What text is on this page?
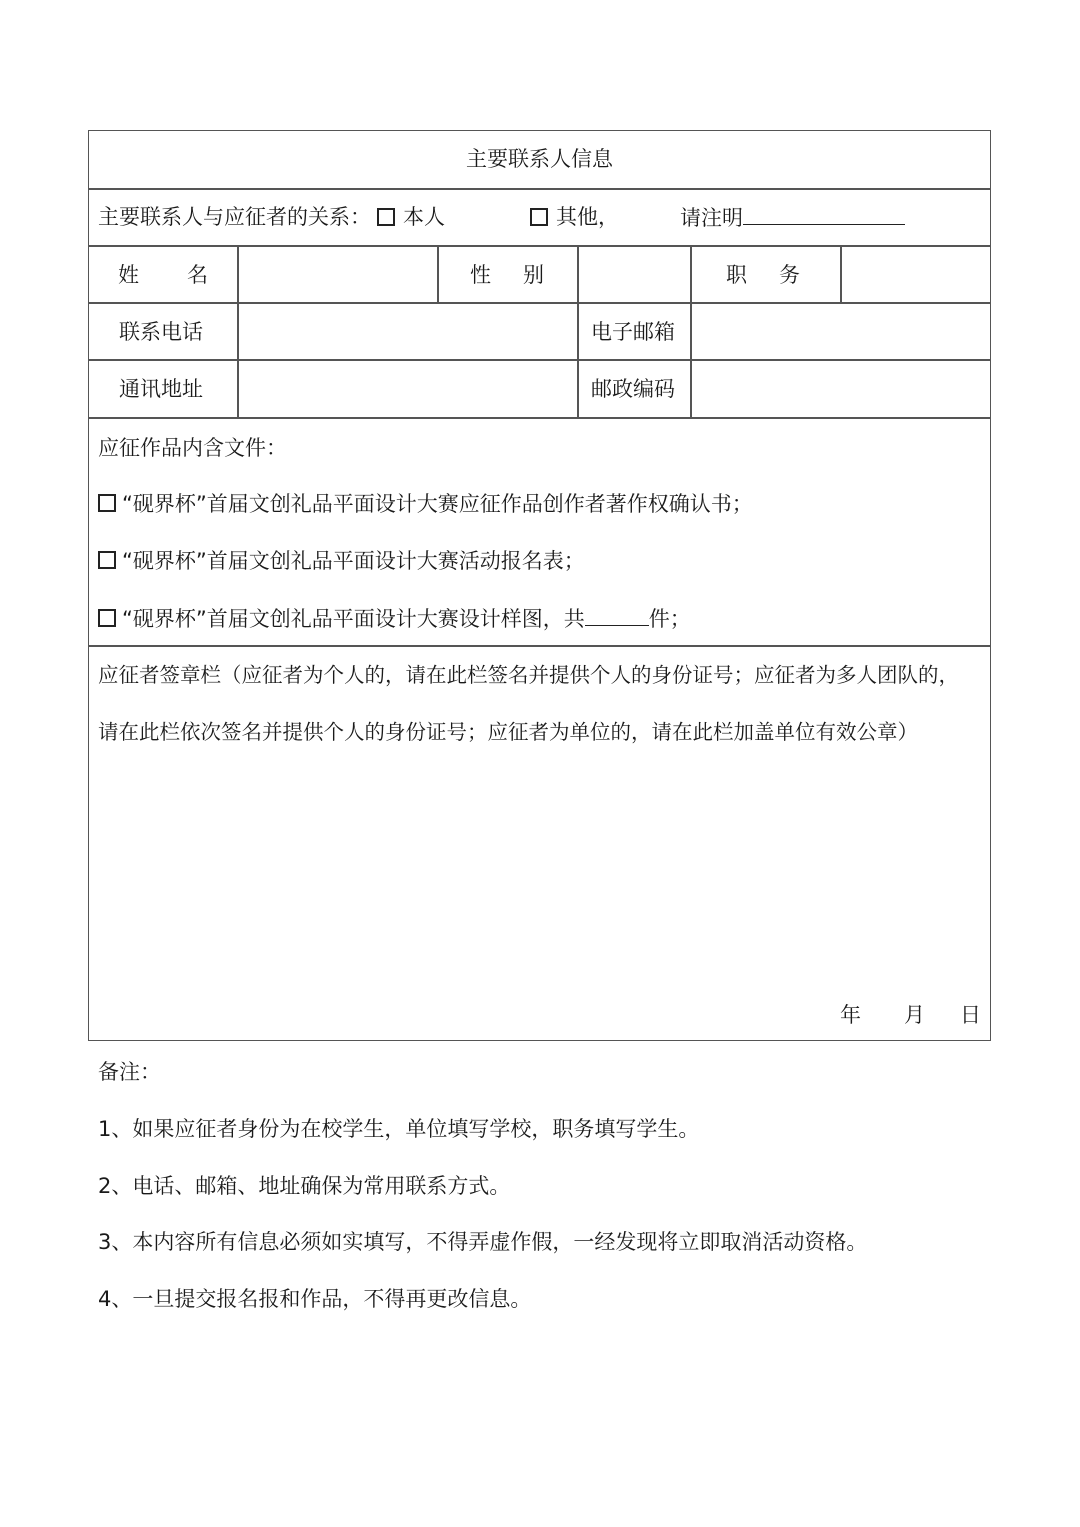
主要联系人信息
主要联系人与应征者的关系： 本人	其他，	请注明
姓 名	性 别	职 务
联系电话	电子邮箱
通讯地址	邮政编码
应征作品内含文件：
“砚界杯”首届文创礼品平面设计大赛应征作品创作者著作权确认书；
“砚界杯”首届文创礼品平面设计大赛活动报名表；
“砚界杯”首届文创礼品平面设计大赛设计样图，共	件；
应征者签章栏（应征者为个人的，请在此栏签名并提供个人的身份证号；应征者为多人团队的，
请在此栏依次签名并提供个人的身份证号；应征者为单位的，请在此栏加盖单位有效公章）
年 月 日
备注：
1、如果应征者身份为在校学生，单位填写学校，职务填写学生。
2、电话、邮箱、地址确保为常用联系方式。
3、本内容所有信息必须如实填写，不得弄虚作假，一经发现将立即取消活动资格。
4、一旦提交报名报和作品，不得再更改信息。
